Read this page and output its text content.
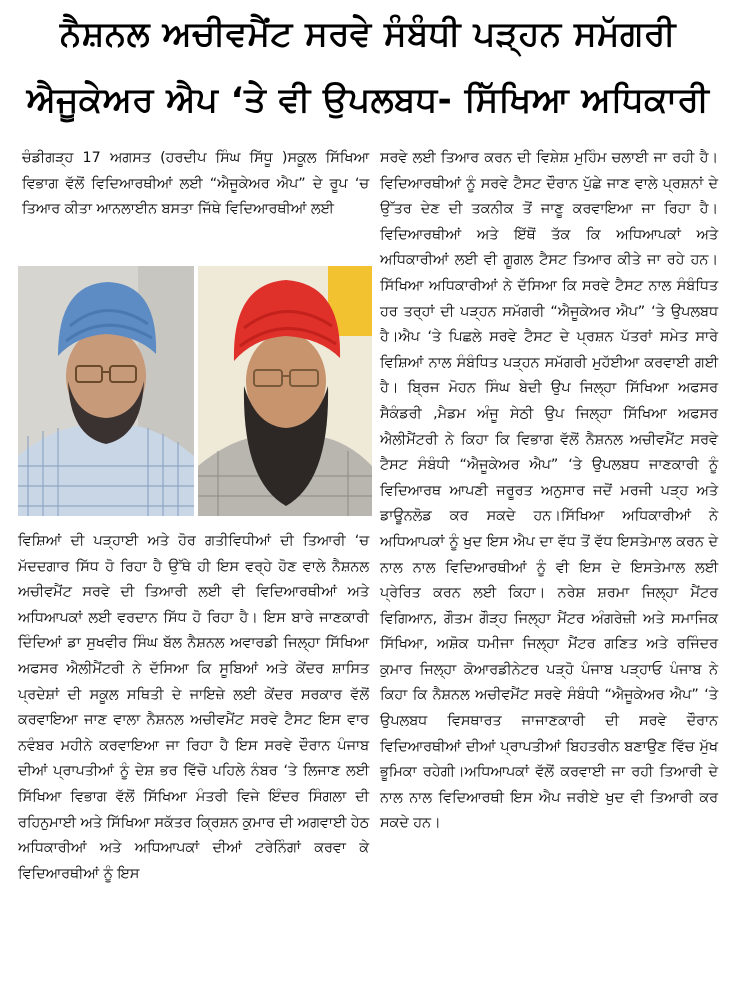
ਨੈਸ਼ਨਲ ਅਚੀਵਮੈਂਟ ਸਰਵੇ ਸੰਬੰਧੀ ਪੜ੍ਹਨ ਸਮੱਗਰੀ
ਐਜੂਕੇਅਰ ਐਪ ‘ਤੇ ਵੀ ਉਪਲਬਧ- ਸਿੱਖਿਆ ਅਧਿਕਾਰੀ

ਚੰਡੀਗੜ੍ਹ 17 ਅਗਸਤ (ਹਰਦੀਪ ਸਿੰਘ ਸਿੱਧੂ )ਸਕੂਲ ਸਿੱਖਿਆ ਵਿਭਾਗ ਵੱਲੋਂ ਵਿਦਿਆਰਥੀਆਂ ਲਈ “ਐਜੂਕੇਅਰ ਐਪ” ਦੇ ਰੂਪ ‘ਚ ਤਿਆਰ ਕੀਤਾ ਆਨਲਾਈਨ ਬਸਤਾ ਜਿੱਥੇ ਵਿਦਿਆਰਥੀਆਂ ਲਈ

ਵਿਸ਼ਿਆਂ ਦੀ ਪੜ੍ਹਾਈ ਅਤੇ ਹੋਰ ਗਤੀਵਿਧੀਆਂ ਦੀ ਤਿਆਰੀ ‘ਚ ਮੱਦਦਗਾਰ ਸਿੱਧ ਹੋ ਰਿਹਾ ਹੈ ਉੱਥੇ ਹੀ ਇਸ ਵਰ੍ਹੇ ਹੋਣ ਵਾਲੇ ਨੈਸ਼ਨਲ ਅਚੀਵਮੈਂਟ ਸਰਵੇ ਦੀ ਤਿਆਰੀ ਲਈ ਵੀ ਵਿਦਿਆਰਥੀਆਂ ਅਤੇ ਅਧਿਆਪਕਾਂ ਲਈ ਵਰਦਾਨ ਸਿੱਧ ਹੋ ਰਿਹਾ ਹੈ। ਇਸ ਬਾਰੇ ਜਾਣਕਾਰੀ ਦਿੰਦਿਆਂ ਡਾ ਸੁਖਵੀਰ ਸਿੰਘ ਬੱਲ ਨੈਸ਼ਨਲ ਅਵਾਰਡੀ ਜਿਲ੍ਹਾ ਸਿੱਖਿਆ ਅਫਸਰ ਐਲੀਮੈਂਟਰੀ ਨੇ ਦੱਸਿਆ ਕਿ ਸੂਬਿਆਂ ਅਤੇ ਕੇਂਦਰ ਸ਼ਾਸਿਤ ਪ੍ਰਦੇਸ਼ਾਂ ਦੀ ਸਕੂਲ ਸਥਿਤੀ ਦੇ ਜਾਇਜ਼ੇ ਲਈ ਕੇਂਦਰ ਸਰਕਾਰ ਵੱਲੋਂ ਕਰਵਾਇਆ ਜਾਣ ਵਾਲਾ ਨੈਸ਼ਨਲ ਅਚੀਵਮੈਂਟ ਸਰਵੇ ਟੈਸਟ ਇਸ ਵਾਰ ਨਵੰਬਰ ਮਹੀਨੇ ਕਰਵਾਇਆ ਜਾ ਰਿਹਾ ਹੈ ਇਸ ਸਰਵੇ ਦੌਰਾਨ ਪੰਜਾਬ ਦੀਆਂ ਪ੍ਰਾਪਤੀਆਂ ਨੂੰ ਦੇਸ਼ ਭਰ ਵਿੱਚੋ ਪਹਿਲੇ ਨੰਬਰ ‘ਤੇ ਲਿਜਾਣ ਲਈ ਸਿੱਖਿਆ ਵਿਭਾਗ ਵੱਲੋਂ ਸਿੱਖਿਆ ਮੰਤਰੀ ਵਿਜੇ ਇੰਦਰ ਸਿੰਗਲਾ ਦੀ ਰਹਿਨੁਮਾਈ ਅਤੇ ਸਿੱਖਿਆ ਸਕੱਤਰ ਕ੍ਰਿਸ਼ਨ ਕੁਮਾਰ ਦੀ ਅਗਵਾਈ ਹੇਠ ਅਧਿਕਾਰੀਆਂ ਅਤੇ ਅਧਿਆਪਕਾਂ ਦੀਆਂ ਟਰੇਨਿੰਗਾਂ ਕਰਵਾ ਕੇ ਵਿਦਿਆਰਥੀਆਂ ਨੂੰ ਇਸ

ਸਰਵੇ ਲਈ ਤਿਆਰ ਕਰਨ ਦੀ ਵਿਸ਼ੇਸ਼ ਮੁਹਿੰਮ ਚਲਾਈ ਜਾ ਰਹੀ ਹੈ।ਵਿਦਿਆਰਥੀਆਂ ਨੂੰ ਸਰਵੇ ਟੈਸਟ ਦੌਰਾਨ ਪੁੱਛੇ ਜਾਣ ਵਾਲੇ ਪ੍ਰਸ਼ਨਾਂ ਦੇ ਉੱਤਰ ਦੇਣ ਦੀ ਤਕਨੀਕ ਤੋਂ ਜਾਣੂ ਕਰਵਾਇਆ ਜਾ ਰਿਹਾ ਹੈ।ਵਿਦਿਆਰਥੀਆਂ ਅਤੇ ਇੱਥੋਂ ਤੱਕ ਕਿ ਅਧਿਆਪਕਾਂ ਅਤੇ ਅਧਿਕਾਰੀਆਂ ਲਈ ਵੀ ਗੂਗਲ ਟੈਸਟ ਤਿਆਰ ਕੀਤੇ ਜਾ ਰਹੇ ਹਨ।ਸਿੱਖਿਆ ਅਧਿਕਾਰੀਆਂ ਨੇ ਦੱਸਿਆ ਕਿ ਸਰਵੇ ਟੈਸਟ ਨਾਲ ਸੰਬੰਧਿਤ ਹਰ ਤਰ੍ਹਾਂ ਦੀ ਪੜ੍ਹਨ ਸਮੱਗਰੀ “ਐਜੂਕੇਅਰ ਐਪ” ‘ਤੇ ਉਪਲਬਧ ਹੈ।ਐਪ ‘ਤੇ ਪਿਛਲੇ ਸਰਵੇ ਟੈਸਟ ਦੇ ਪ੍ਰਸ਼ਨ ਪੱਤਰਾਂ ਸਮੇਤ ਸਾਰੇ ਵਿਸ਼ਿਆਂ ਨਾਲ ਸੰਬੰਧਿਤ ਪੜ੍ਹਨ ਸਮੱਗਰੀ ਮੁਹੱਈਆ ਕਰਵਾਈ ਗਈ ਹੈ। ਬ੍ਰਿਜ ਮੋਹਨ ਸਿੰਘ ਬੇਦੀ ਉਪ ਜਿਲ੍ਹਾ ਸਿੱਖਿਆ ਅਫਸਰ ਸੈਕੰਡਰੀ ,ਮੈਡਮ ਅੰਜੂ ਸੇਠੀ ਉਪ ਜਿਲ੍ਹਾ ਸਿੱਖਿਆ ਅਫਸਰ ਐਲੀਮੈਂਟਰੀ ਨੇ ਕਿਹਾ ਕਿ ਵਿਭਾਗ ਵੱਲੋਂ ਨੈਸ਼ਨਲ ਅਚੀਵਮੈਂਟ ਸਰਵੇ ਟੈਸਟ ਸੰਬੰਧੀ “ਐਜੂਕੇਅਰ ਐਪ” ‘ਤੇ ਉਪਲਬਧ ਜਾਣਕਾਰੀ ਨੂੰ ਵਿਦਿਆਰਥ ਆਪਣੀ ਜਰੂਰਤ ਅਨੁਸਾਰ ਜਦੋਂ ਮਰਜੀ ਪੜ੍ਹ ਅਤੇ ਡਾਊਨਲੋਡ ਕਰ ਸਕਦੇ ਹਨ।ਸਿੱਖਿਆ ਅਧਿਕਾਰੀਆਂ ਨੇ ਅਧਿਆਪਕਾਂ ਨੂੰ ਖੁਦ ਇਸ ਐਪ ਦਾ ਵੱਧ ਤੋਂ ਵੱਧ ਇਸਤੇਮਾਲ ਕਰਨ ਦੇ ਨਾਲ ਨਾਲ ਵਿਦਿਆਰਥੀਆਂ ਨੂੰ ਵੀ ਇਸ ਦੇ ਇਸਤੇਮਾਲ ਲਈ ਪ੍ਰੇਰਿਤ ਕਰਨ ਲਈ ਕਿਹਾ। ਨਰੇਸ਼ ਸ਼ਰਮਾ ਜਿਲ੍ਹਾ ਮੈਂਟਰ ਵਿਗਿਆਨ, ਗੌਤਮ ਗੌੜ੍ਹ ਜਿਲ੍ਹਾ ਮੈਂਟਰ ਅੰਗਰੇਜ਼ੀ ਅਤੇ ਸਮਾਜਿਕ ਸਿੱਖਿਆ, ਅਸ਼ੋਕ ਧਮੀਜਾ ਜਿਲ੍ਹਾ ਮੈਂਟਰ ਗਣਿਤ ਅਤੇ ਰਜਿੰਦਰ ਕੁਮਾਰ ਜਿਲ੍ਹਾ ਕੋਆਰਡੀਨੇਟਰ ਪੜ੍ਹੋ ਪੰਜਾਬ ਪੜ੍ਹਾਓ ਪੰਜਾਬ ਨੇ ਕਿਹਾ ਕਿ ਨੈਸ਼ਨਲ ਅਚੀਵਮੈਂਟ ਸਰਵੇ ਸੰਬੰਧੀ “ਐਜੂਕੇਅਰ ਐਪ” ‘ਤੇ ਉਪਲਬਧ ਵਿਸਥਾਰਤ ਜਾਜਾਣਕਾਰੀ ਦੀ ਸਰਵੇ ਦੌਰਾਨ ਵਿਦਿਆਰਥੀਆਂ ਦੀਆਂ ਪ੍ਰਾਪਤੀਆਂ ਬਿਹਤਰੀਨ ਬਣਾਉਣ ਵਿੱਚ ਮੁੱਖ ਭੂਮਿਕਾ ਰਹੇਗੀ।ਅਧਿਆਪਕਾਂ ਵੱਲੋਂ ਕਰਵਾਈ ਜਾ ਰਹੀ ਤਿਆਰੀ ਦੇ ਨਾਲ ਨਾਲ ਵਿਦਿਆਰਥੀ ਇਸ ਐਪ ਜਰੀਏ ਖੁਦ ਵੀ ਤਿਆਰੀ ਕਰ ਸਕਦੇ ਹਨ।
